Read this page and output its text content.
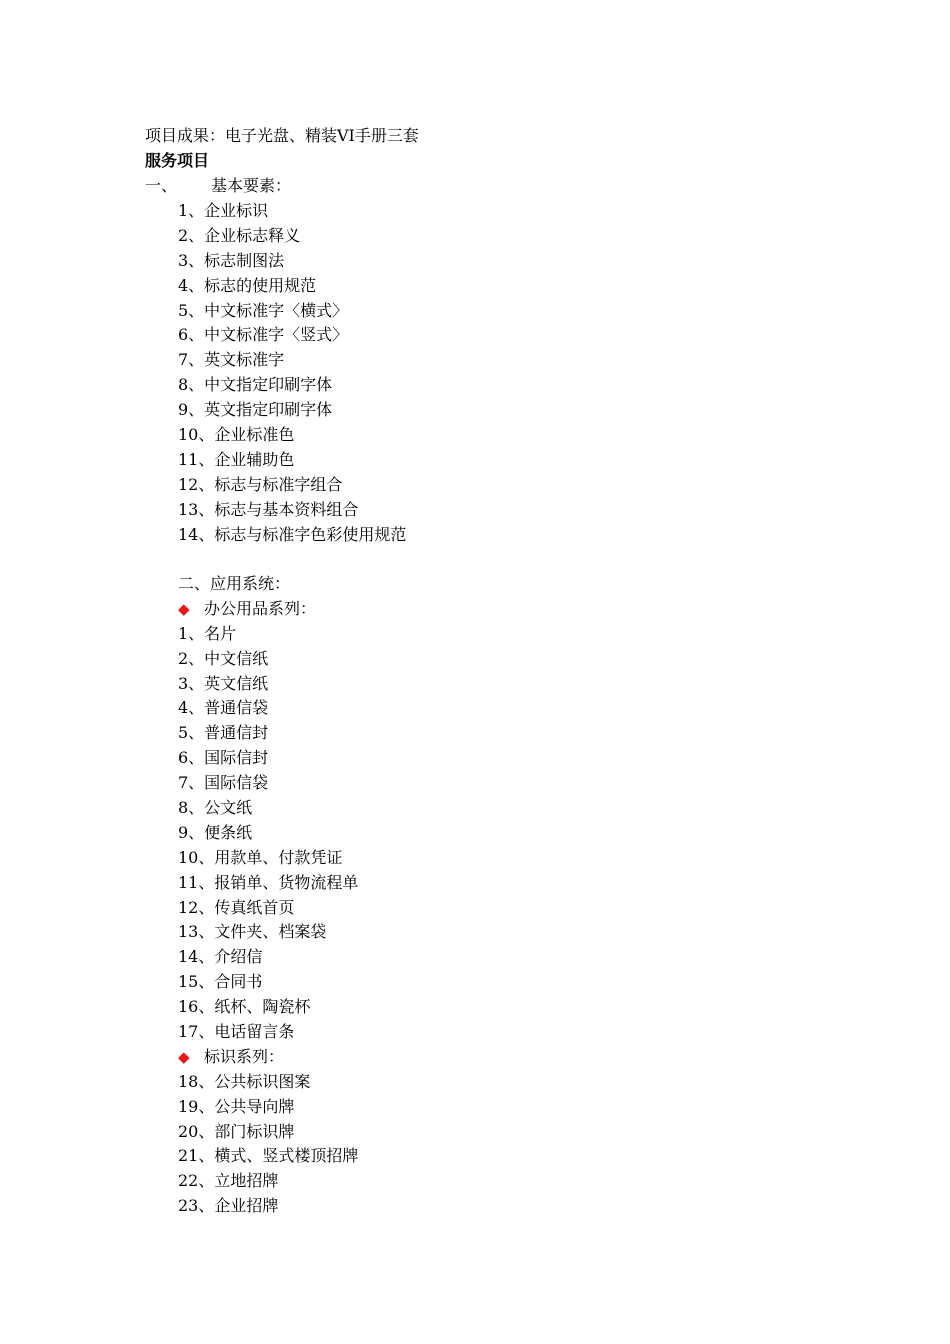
项目成果：电子光盘、精装VI手册三套
服务项目
一、 基本要素：
1、企业标识
2、企业标志释义
3、标志制图法
4、标志的使用规范
5、中文标准字〈横式〉
6、中文标准字〈竖式〉
7、英文标准字
8、中文指定印刷字体
9、英文指定印刷字体
10、企业标准色
11、企业辅助色
12、标志与标准字组合
13、标志与基本资料组合
14、标志与标准字色彩使用规范
二、应用系统：
◆ 办公用品系列：
1、名片
2、中文信纸
3、英文信纸
4、普通信袋
5、普通信封
6、国际信封
7、国际信袋
8、公文纸
9、便条纸
10、用款单、付款凭证
11、报销单、货物流程单
12、传真纸首页
13、文件夹、档案袋
14、介绍信
15、合同书
16、纸杯、陶瓷杯
17、电话留言条
◆ 标识系列：
18、公共标识图案
19、公共导向牌
20、部门标识牌
21、横式、竖式楼顶招牌
22、立地招牌
23、企业招牌
